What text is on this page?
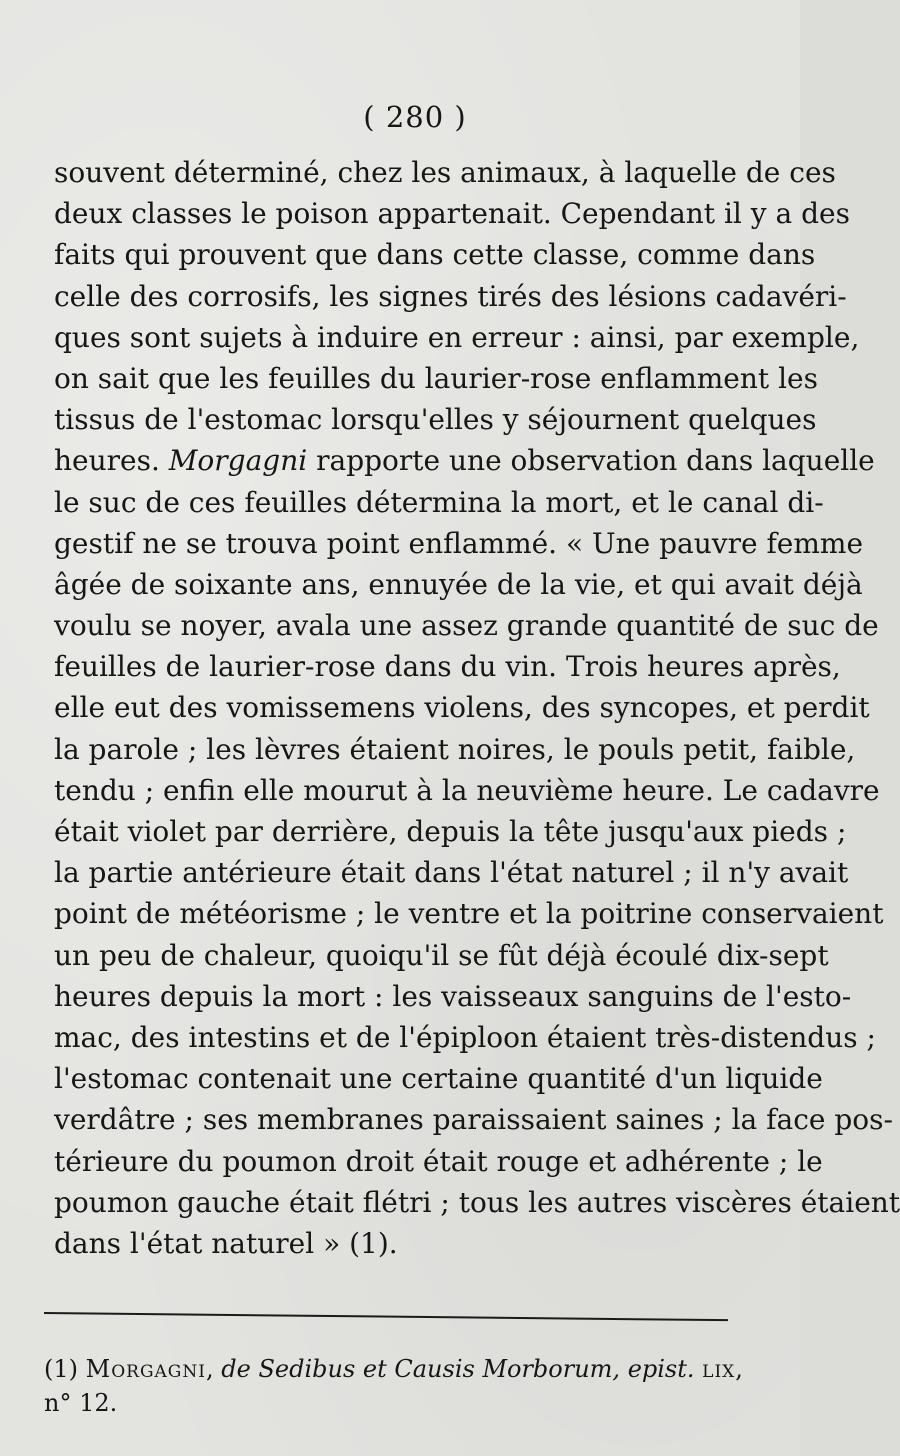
( 280 )
souvent déterminé, chez les animaux, à laquelle de ces
deux classes le poison appartenait. Cependant il y a des
faits qui prouvent que dans cette classe, comme dans
celle des corrosifs, les signes tirés des lésions cadavéri-
ques sont sujets à induire en erreur : ainsi, par exemple,
on sait que les feuilles du laurier-rose enflamment les
tissus de l'estomac lorsqu'elles y séjournent quelques
heures. Morgagni rapporte une observation dans laquelle
le suc de ces feuilles détermina la mort, et le canal di-
gestif ne se trouva point enflammé. « Une pauvre femme
âgée de soixante ans, ennuyée de la vie, et qui avait déjà
voulu se noyer, avala une assez grande quantité de suc de
feuilles de laurier-rose dans du vin. Trois heures après,
elle eut des vomissemens violens, des syncopes, et perdit
la parole ; les lèvres étaient noires, le pouls petit, faible,
tendu ; enfin elle mourut à la neuvième heure. Le cadavre
était violet par derrière, depuis la tête jusqu'aux pieds ;
la partie antérieure était dans l'état naturel ; il n'y avait
point de météorisme ; le ventre et la poitrine conservaient
un peu de chaleur, quoiqu'il se fût déjà écoulé dix-sept
heures depuis la mort : les vaisseaux sanguins de l'esto-
mac, des intestins et de l'épiploon étaient très-distendus ;
l'estomac contenait une certaine quantité d'un liquide
verdâtre ; ses membranes paraissaient saines ; la face pos-
térieure du poumon droit était rouge et adhérente ; le
poumon gauche était flétri ; tous les autres viscères étaient
dans l'état naturel » (1).
(1) Morgagni, de Sedibus et Causis Morborum, epist. lix,
n° 12.
